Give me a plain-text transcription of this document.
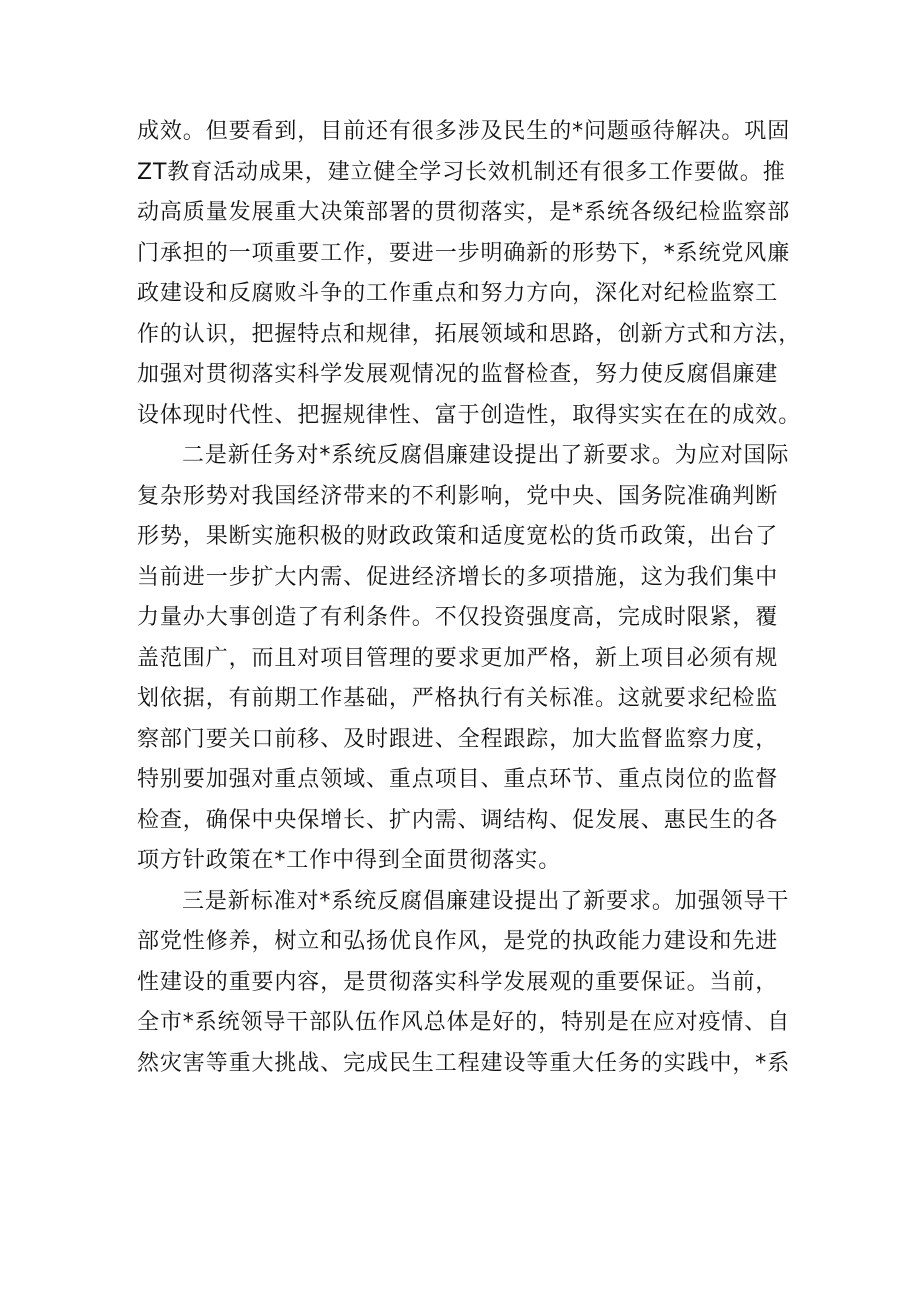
成效。但要看到，目前还有很多涉及民生的*问题亟待解决。巩固
ZT教育活动成果，建立健全学习长效机制还有很多工作要做。推
动高质量发展重大决策部署的贯彻落实，是*系统各级纪检监察部
门承担的一项重要工作，要进一步明确新的形势下，*系统党风廉
政建设和反腐败斗争的工作重点和努力方向，深化对纪检监察工
作的认识，把握特点和规律，拓展领域和思路，创新方式和方法，
加强对贯彻落实科学发展观情况的监督检查，努力使反腐倡廉建
设体现时代性、把握规律性、富于创造性，取得实实在在的成效。
二是新任务对*系统反腐倡廉建设提出了新要求。为应对国际
复杂形势对我国经济带来的不利影响，党中央、国务院准确判断
形势，果断实施积极的财政政策和适度宽松的货币政策，出台了
当前进一步扩大内需、促进经济增长的多项措施，这为我们集中
力量办大事创造了有利条件。不仅投资强度高，完成时限紧，覆
盖范围广，而且对项目管理的要求更加严格，新上项目必须有规
划依据，有前期工作基础，严格执行有关标准。这就要求纪检监
察部门要关口前移、及时跟进、全程跟踪，加大监督监察力度，
特别要加强对重点领域、重点项目、重点环节、重点岗位的监督
检查，确保中央保增长、扩内需、调结构、促发展、惠民生的各
项方针政策在*工作中得到全面贯彻落实。
三是新标准对*系统反腐倡廉建设提出了新要求。加强领导干
部党性修养，树立和弘扬优良作风，是党的执政能力建设和先进
性建设的重要内容，是贯彻落实科学发展观的重要保证。当前，
全市*系统领导干部队伍作风总体是好的，特别是在应对疫情、自
然灾害等重大挑战、完成民生工程建设等重大任务的实践中，*系
